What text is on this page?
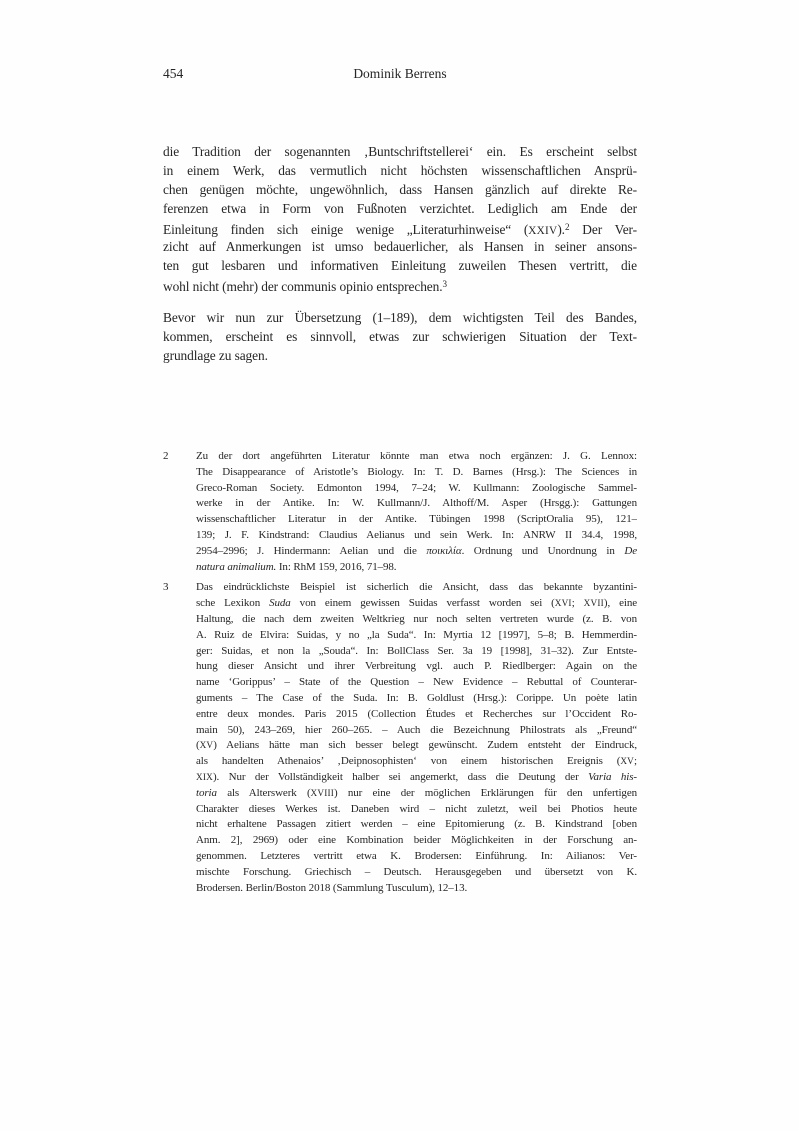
454	Dominik Berrens
die Tradition der sogenannten ‚Buntschriftstellerei‘ ein. Es erscheint selbst
in einem Werk, das vermutlich nicht höchsten wissenschaftlichen Ansprü-
chen genügen möchte, ungewöhnlich, dass Hansen gänzlich auf direkte Re-
ferenzen etwa in Form von Fußnoten verzichtet. Lediglich am Ende der
Einleitung finden sich einige wenige „Literaturhinweise“ (XXIV).$^2$ Der Ver-
zicht auf Anmerkungen ist umso bedauerlicher, als Hansen in seiner ansons-
ten gut lesbaren und informativen Einleitung zuweilen Thesen vertritt, die
wohl nicht (mehr) der communis opinio entsprechen.$^3$
Bevor wir nun zur Übersetzung (1–189), dem wichtigsten Teil des Bandes,
kommen, erscheint es sinnvoll, etwas zur schwierigen Situation der Text-
grundlage zu sagen.
2	Zu der dort angeführten Literatur könnte man etwa noch ergänzen: J. G. Lennox:
The Disappearance of Aristotle’s Biology. In: T. D. Barnes (Hrsg.): The Sciences in
Greco-Roman Society. Edmonton 1994, 7–24; W. Kullmann: Zoologische Sammel-
werke in der Antike. In: W. Kullmann/J. Althoff/M. Asper (Hrsgg.): Gattungen
wissenschaftlicher Literatur in der Antike. Tübingen 1998 (ScriptOralia 95), 121–
139; J. F. Kindstrand: Claudius Aelianus und sein Werk. In: ANRW II 34.4, 1998,
2954–2996; J. Hindermann: Aelian und die ποικιλία. Ordnung und Unordnung in De
natura animalium. In: RhM 159, 2016, 71–98.
3	Das eindrücklichste Beispiel ist sicherlich die Ansicht, dass das bekannte byzantini-
sche Lexikon Suda von einem gewissen Suidas verfasst worden sei (XVI; XVII), eine
Haltung, die nach dem zweiten Weltkrieg nur noch selten vertreten wurde (z. B. von
A. Ruiz de Elvira: Suidas, y no „la Suda“. In: Myrtia 12 [1997], 5–8; B. Hemmerdin-
ger: Suidas, et non la „Souda“. In: BollClass Ser. 3a 19 [1998], 31–32). Zur Entste-
hung dieser Ansicht und ihrer Verbreitung vgl. auch P. Riedlberger: Again on the
name ‘Gorippus’ – State of the Question – New Evidence – Rebuttal of Counterar-
guments – The Case of the Suda. In: B. Goldlust (Hrsg.): Corippe. Un poète latin
entre deux mondes. Paris 2015 (Collection Études et Recherches sur l’Occident Ro-
main 50), 243–269, hier 260–265. – Auch die Bezeichnung Philostrats als „Freund“
(XV) Aelians hätte man sich besser belegt gewünscht. Zudem entsteht der Eindruck,
als handelten Athenaios’ ‚Deipnosophisten‘ von einem historischen Ereignis (XV;
XIX). Nur der Vollständigkeit halber sei angemerkt, dass die Deutung der Varia his-
toria als Alterswerk (XVIII) nur eine der möglichen Erklärungen für den unfertigen
Charakter dieses Werkes ist. Daneben wird – nicht zuletzt, weil bei Photios heute
nicht erhaltene Passagen zitiert werden – eine Epitomierung (z. B. Kindstrand [oben
Anm. 2], 2969) oder eine Kombination beider Möglichkeiten in der Forschung an-
genommen. Letzteres vertritt etwa K. Brodersen: Einführung. In: Ailianos: Ver-
mischte Forschung. Griechisch – Deutsch. Herausgegeben und übersetzt von K.
Brodersen. Berlin/Boston 2018 (Sammlung Tusculum), 12–13.
